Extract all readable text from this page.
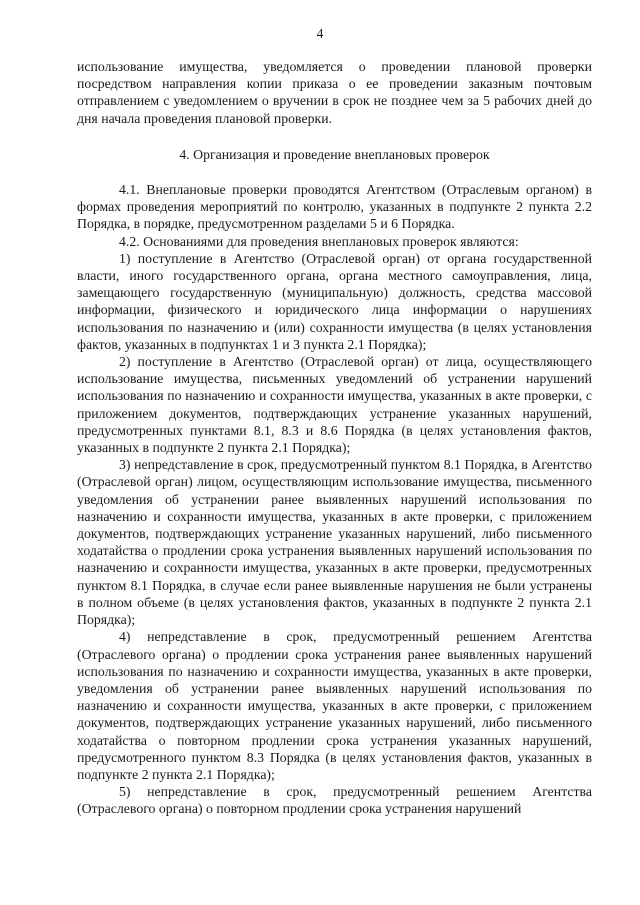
4

использование имущества, уведомляется о проведении плановой проверки посредством направления копии приказа о ее проведении заказным почтовым отправлением с уведомлением о вручении в срок не позднее чем за 5 рабочих дней до дня начала проведения плановой проверки.

4. Организация и проведение внеплановых проверок

4.1. Внеплановые проверки проводятся Агентством (Отраслевым органом) в формах проведения мероприятий по контролю, указанных в подпункте 2 пункта 2.2 Порядка, в порядке, предусмотренном разделами 5 и 6 Порядка.

4.2. Основаниями для проведения внеплановых проверок являются:

1) поступление в Агентство (Отраслевой орган) от органа государственной власти, иного государственного органа, органа местного самоуправления, лица, замещающего государственную (муниципальную) должность, средства массовой информации, физического и юридического лица информации о нарушениях использования по назначению и (или) сохранности имущества (в целях установления фактов, указанных в подпунктах 1 и 3 пункта 2.1 Порядка);

2) поступление в Агентство (Отраслевой орган) от лица, осуществляющего использование имущества, письменных уведомлений об устранении нарушений использования по назначению и сохранности имущества, указанных в акте проверки, с приложением документов, подтверждающих устранение указанных нарушений, предусмотренных пунктами 8.1, 8.3 и 8.6 Порядка (в целях установления фактов, указанных в подпункте 2 пункта 2.1 Порядка);

3) непредставление в срок, предусмотренный пунктом 8.1 Порядка, в Агентство (Отраслевой орган) лицом, осуществляющим использование имущества, письменного уведомления об устранении ранее выявленных нарушений использования по назначению и сохранности имущества, указанных в акте проверки, с приложением документов, подтверждающих устранение указанных нарушений, либо письменного ходатайства о продлении срока устранения выявленных нарушений использования по назначению и сохранности имущества, указанных в акте проверки, предусмотренных пунктом 8.1 Порядка, в случае если ранее выявленные нарушения не были устранены в полном объеме (в целях установления фактов, указанных в подпункте 2 пункта 2.1 Порядка);

4) непредставление в срок, предусмотренный решением Агентства (Отраслевого органа) о продлении срока устранения ранее выявленных нарушений использования по назначению и сохранности имущества, указанных в акте проверки, уведомления об устранении ранее выявленных нарушений использования по назначению и сохранности имущества, указанных в акте проверки, с приложением документов, подтверждающих устранение указанных нарушений, либо письменного ходатайства о повторном продлении срока устранения указанных нарушений, предусмотренного пунктом 8.3 Порядка (в целях установления фактов, указанных в подпункте 2 пункта 2.1 Порядка);

5) непредставление в срок, предусмотренный решением Агентства (Отраслевого органа) о повторном продлении срока устранения нарушений
